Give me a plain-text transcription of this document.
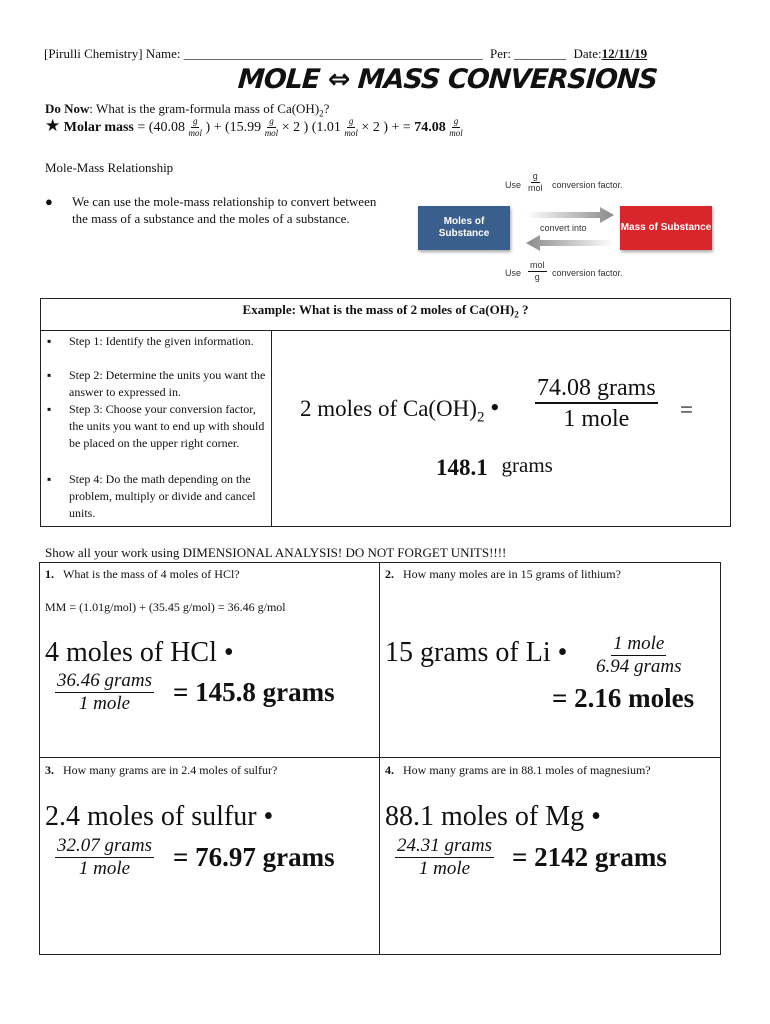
[Pirulli Chemistry] Name: ______________________________________________ Per: ________ Date:12/11/19
MOLE ⇔ MASS CONVERSIONS
Do Now: What is the gram-formula mass of $Ca(OH)_2$?
★ Molar mass = ($40.08 \frac{g}{\text{mol}}$ ) + ($15.99 \frac{g}{\text{mol}} \times 2$ ) ($1.01 \frac{g}{\text{mol}} \times 2$ ) + = $74.08 \frac{g}{\text{mol}}$
Mole-Mass Relationship
● We can use the mole-mass relationship to convert between the mass of a substance and the moles of a substance.
Use
g
mol conversion factor.
Moles of Substance	convert into	Mass of Substance
Use
mol
g conversion factor.
Example: What is the mass of 2 moles of $Ca(OH)_2$ ?
▪ Step 1: Identify the given information.
▪ Step 2: Determine the units you want the answer to expressed in.
▪ Step 3: Choose your conversion factor, the units you want to end up with should be placed on the upper right corner.
▪ Step 4: Do the math depending on the problem, multiply or divide and cancel units.
2 moles of $Ca(OH)_2$ •
74.08 grams
1 mole =
148.1 grams
Show all your work using DIMENSIONAL ANALYSIS! DO NOT FORGET UNITS!!!!
1. What is the mass of 4 moles of HCl?
MM = (1.01g/mol) + (35.45 g/mol) = 36.46 g/mol
4 moles of HCl •
36.46 grams
1 mole = 145.8 grams
2. How many moles are in 15 grams of lithium?
15 grams of Li • 1 mole
6.94 grams
= 2.16 moles
3. How many grams are in 2.4 moles of sulfur?
2.4 moles of sulfur •
32.07 grams
1 mole = 76.97 grams
4. How many grams are in 88.1 moles of magnesium?
88.1 moles of Mg •
24.31 grams
1 mole = 2142 grams
